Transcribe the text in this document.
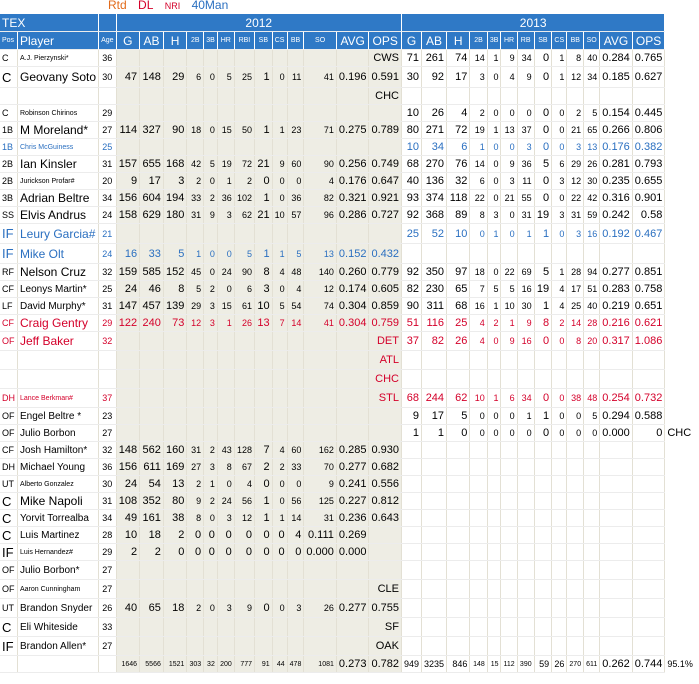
Rtd DL NRI 40Man
TEX			2012													2013													
Pos	Player	Age	G	AB	H	2B	3B	HR	RBI	SB	CS	BB	SO	AVG	OPS	G	AB	H	2B	3B	HR	RB	SB	CS	BB	SO	AVG	OPS	
C	A.J. Pierzynski*	36													CWS	71	261	74	14	1	9	34	0	1	8	40	0.284	0.765	
C	Geovany Soto	30	47	148	29	6	0	5	25	1	0	11	41	0.196	0.591	30	92	17	3	0	4	9	0	1	12	34	0.185	0.627	
															CHC														
C	Robinson Chirinos	29														10	26	4	2	0	0	0	0	0	2	5	0.154	0.445	
1B	M Moreland*	27	114	327	90	18	0	15	50	1	1	23	71	0.275	0.789	80	271	72	19	1	13	37	0	0	21	65	0.266	0.806	
1B	Chris McGuiness	25														10	34	6	1	0	0	3	0	0	3	13	0.176	0.382	
2B	Ian Kinsler	31	157	655	168	42	5	19	72	21	9	60	90	0.256	0.749	68	270	76	14	0	9	36	5	6	29	26	0.281	0.793	
2B	Jurickson Profar#	20	9	17	3	2	0	1	2	0	0	0	4	0.176	0.647	40	136	32	6	0	3	11	0	3	12	30	0.235	0.655	
3B	Adrian Beltre	34	156	604	194	33	2	36	102	1	0	36	82	0.321	0.921	93	374	118	22	0	21	55	0	0	22	42	0.316	0.901	
SS	Elvis Andrus	24	158	629	180	31	9	3	62	21	10	57	96	0.286	0.727	92	368	89	8	3	0	31	19	3	31	59	0.242	0.58	
IF	Leury Garcia#	21														25	52	10	0	1	0	1	1	0	3	16	0.192	0.467	
IF	Mike Olt	24	16	33	5	1	0	0	5	1	1	5	13	0.152	0.432														
RF	Nelson Cruz	32	159	585	152	45	0	24	90	8	4	48	140	0.260	0.779	92	350	97	18	0	22	69	5	1	28	94	0.277	0.851	
CF	Leonys Martin*	25	24	46	8	5	2	0	6	3	0	4	12	0.174	0.605	82	230	65	7	5	5	16	19	4	17	51	0.283	0.758	
LF	David Murphy*	31	147	457	139	29	3	15	61	10	5	54	74	0.304	0.859	90	311	68	16	1	10	30	1	4	25	40	0.219	0.651	
CF	Craig Gentry	29	122	240	73	12	3	1	26	13	7	14	41	0.304	0.759	51	116	25	4	2	1	9	8	2	14	28	0.216	0.621	
OF	Jeff Baker	32													DET	37	82	26	4	0	9	16	0	0	8	20	0.317	1.086	
															ATL														
															CHC														
DH	Lance Berkman#	37													STL	68	244	62	10	1	6	34	0	0	38	48	0.254	0.732	
OF	Engel Beltre *	23														9	17	5	0	0	0	1	1	0	0	5	0.294	0.588	
OF	Julio Borbon	27														1	1	0	0	0	0	0	0	0	0	0	0.000	0	CHC
CF	Josh Hamilton*	32	148	562	160	31	2	43	128	7	4	60	162	0.285	0.930														
DH	Michael Young	36	156	611	169	27	3	8	67	2	2	33	70	0.277	0.682														
UT	Alberto Gonzalez	30	24	54	13	2	1	0	4	0	0	0	9	0.241	0.556														
C	Mike Napoli	31	108	352	80	9	2	24	56	1	0	56	125	0.227	0.812														
C	Yorvit Torrealba	34	49	161	38	8	0	3	12	1	1	14	31	0.236	0.643														
C	Luis Martinez	28	10	18	2	0	0	0	0	0	0	4	0.111	0.269															
IF	Luis Hernandez#	29	2	2	0	0	0	0	0	0	0	0	0.000	0.000															
OF	Julio Borbon*	27																											
OF	Aaron Cunningham	27													CLE														
UT	Brandon Snyder	26	40	65	18	2	0	3	9	0	0	3	26	0.277	0.755														
C	Eli Whiteside	33													SF														
IF	Brandon Allen*	27													OAK														
			1646	5566	1521	303	32	200	777	91	44	478	1081	0.273	0.782	949	3235	846	148	15	112	390	59	26	270	611	0.262	0.744	95.1%
